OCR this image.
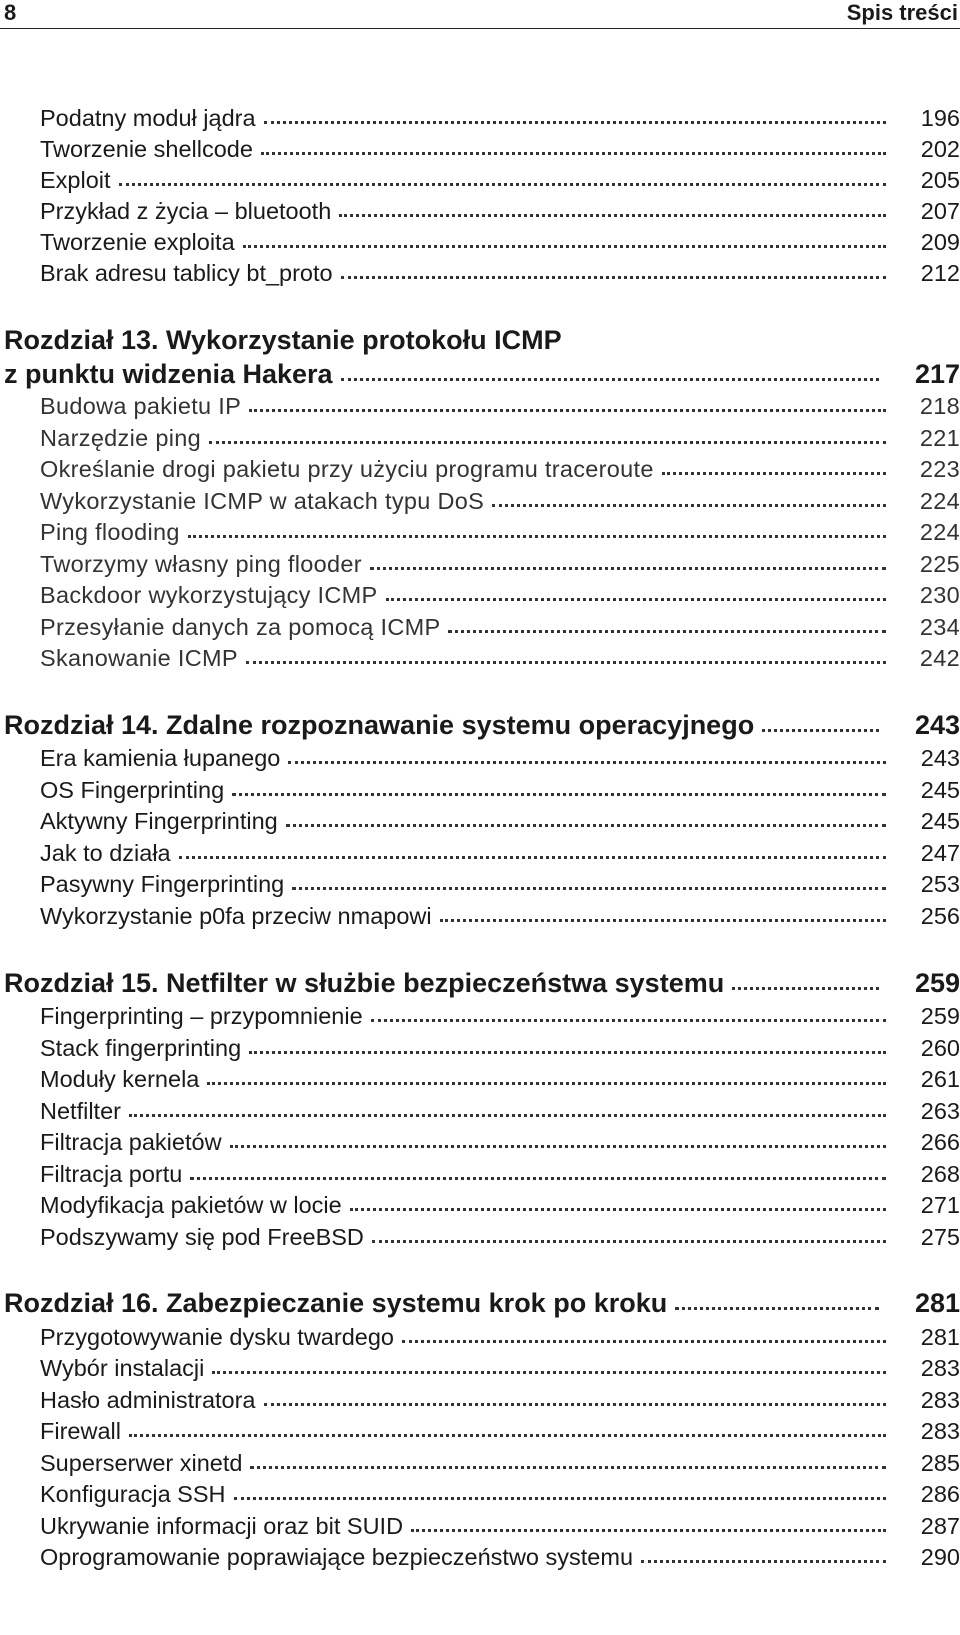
8	Spis treści
Podatny moduł jądra	196
Tworzenie shellcode	202
Exploit	205
Przykład z życia – bluetooth	207
Tworzenie exploita	209
Brak adresu tablicy bt_proto	212
Rozdział 13. Wykorzystanie protokołu ICMP
z punktu widzenia Hakera	217
Budowa pakietu IP	218
Narzędzie ping	221
Określanie drogi pakietu przy użyciu programu traceroute	223
Wykorzystanie ICMP w atakach typu DoS	224
Ping flooding	224
Tworzymy własny ping flooder	225
Backdoor wykorzystujący ICMP	230
Przesyłanie danych za pomocą ICMP	234
Skanowanie ICMP	242
Rozdział 14. Zdalne rozpoznawanie systemu operacyjnego	243
Era kamienia łupanego	243
OS Fingerprinting	245
Aktywny Fingerprinting	245
Jak to działa	247
Pasywny Fingerprinting	253
Wykorzystanie p0fa przeciw nmapowi	256
Rozdział 15. Netfilter w służbie bezpieczeństwa systemu	259
Fingerprinting – przypomnienie	259
Stack fingerprinting	260
Moduły kernela	261
Netfilter	263
Filtracja pakietów	266
Filtracja portu	268
Modyfikacja pakietów w locie	271
Podszywamy się pod FreeBSD	275
Rozdział 16. Zabezpieczanie systemu krok po kroku	281
Przygotowywanie dysku twardego	281
Wybór instalacji	283
Hasło administratora	283
Firewall	283
Superserwer xinetd	285
Konfiguracja SSH	286
Ukrywanie informacji oraz bit SUID	287
Oprogramowanie poprawiające bezpieczeństwo systemu	290
